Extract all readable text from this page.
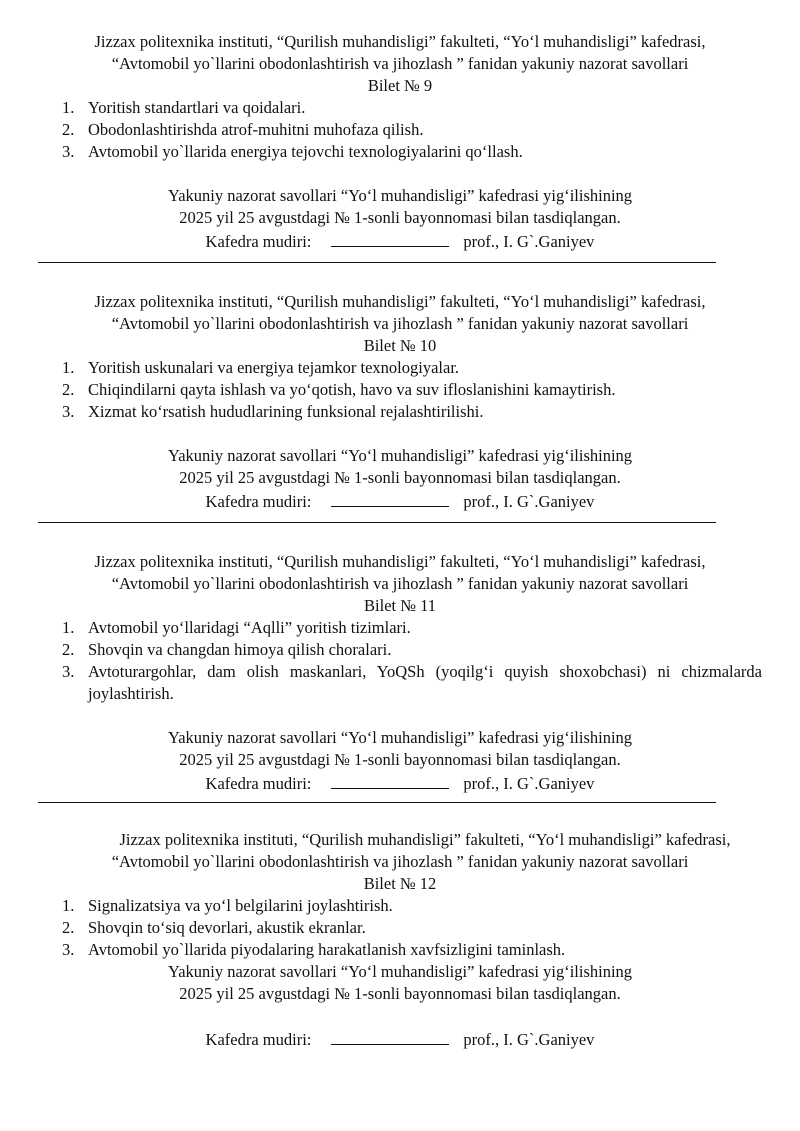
Jizzax politexnika instituti, “Qurilish muhandisligi” fakulteti, “Yo‘l muhandisligi” kafedrasi,
“Avtomobil yo`llarini obodonlashtirish va jihozlash ” fanidan yakuniy nazorat savollari
Bilet № 9
1. Yoritish standartlari va qoidalari.
2. Obodonlashtirishda atrof-muhitni muhofaza qilish.
3. Avtomobil yo`llarida energiya tejovchi texnologiyalarini qo‘llash.
Yakuniy nazorat savollari “Yo‘l muhandisligi” kafedrasi yig‘ilishining
2025 yil 25 avgustdagi № 1-sonli bayonnomasi bilan tasdiqlangan.
Kafedra mudiri:	prof., I. G`.Ganiyev
Jizzax politexnika instituti, “Qurilish muhandisligi” fakulteti, “Yo‘l muhandisligi” kafedrasi,
“Avtomobil yo`llarini obodonlashtirish va jihozlash ” fanidan yakuniy nazorat savollari
Bilet № 10
1. Yoritish uskunalari va energiya tejamkor texnologiyalar.
2. Chiqindilarni qayta ishlash va yo‘qotish, havo va suv ifloslanishini kamaytirish.
3. Xizmat ko‘rsatish hududlarining funksional rejalashtirilishi.
Yakuniy nazorat savollari “Yo‘l muhandisligi” kafedrasi yig‘ilishining
2025 yil 25 avgustdagi № 1-sonli bayonnomasi bilan tasdiqlangan.
Kafedra mudiri:	prof., I. G`.Ganiyev
Jizzax politexnika instituti, “Qurilish muhandisligi” fakulteti, “Yo‘l muhandisligi” kafedrasi,
“Avtomobil yo`llarini obodonlashtirish va jihozlash ” fanidan yakuniy nazorat savollari
Bilet № 11
1. Avtomobil yo‘llaridagi “Aqlli” yoritish tizimlari.
2. Shovqin va changdan himoya qilish choralari.
3. Avtoturargohlar, dam olish maskanlari, YoQSh (yoqilg‘i quyish shoxobchasi) ni chizmalarda joylashtirish.
Yakuniy nazorat savollari “Yo‘l muhandisligi” kafedrasi yig‘ilishining
2025 yil 25 avgustdagi № 1-sonli bayonnomasi bilan tasdiqlangan.
Kafedra mudiri:	prof., I. G`.Ganiyev
Jizzax politexnika instituti, “Qurilish muhandisligi” fakulteti, “Yo‘l muhandisligi” kafedrasi, “Avtomobil yo`llarini obodonlashtirish va jihozlash ” fanidan yakuniy nazorat savollari
Bilet № 12
1. Signalizatsiya va yo‘l belgilarini joylashtirish.
2. Shovqin to‘siq devorlari, akustik ekranlar.
3. Avtomobil yo`llarida piyodalaring harakatlanish xavfsizligini taminlash.
Yakuniy nazorat savollari “Yo‘l muhandisligi” kafedrasi yig‘ilishining
2025 yil 25 avgustdagi № 1-sonli bayonnomasi bilan tasdiqlangan.
Kafedra mudiri:	prof., I. G`.Ganiyev
